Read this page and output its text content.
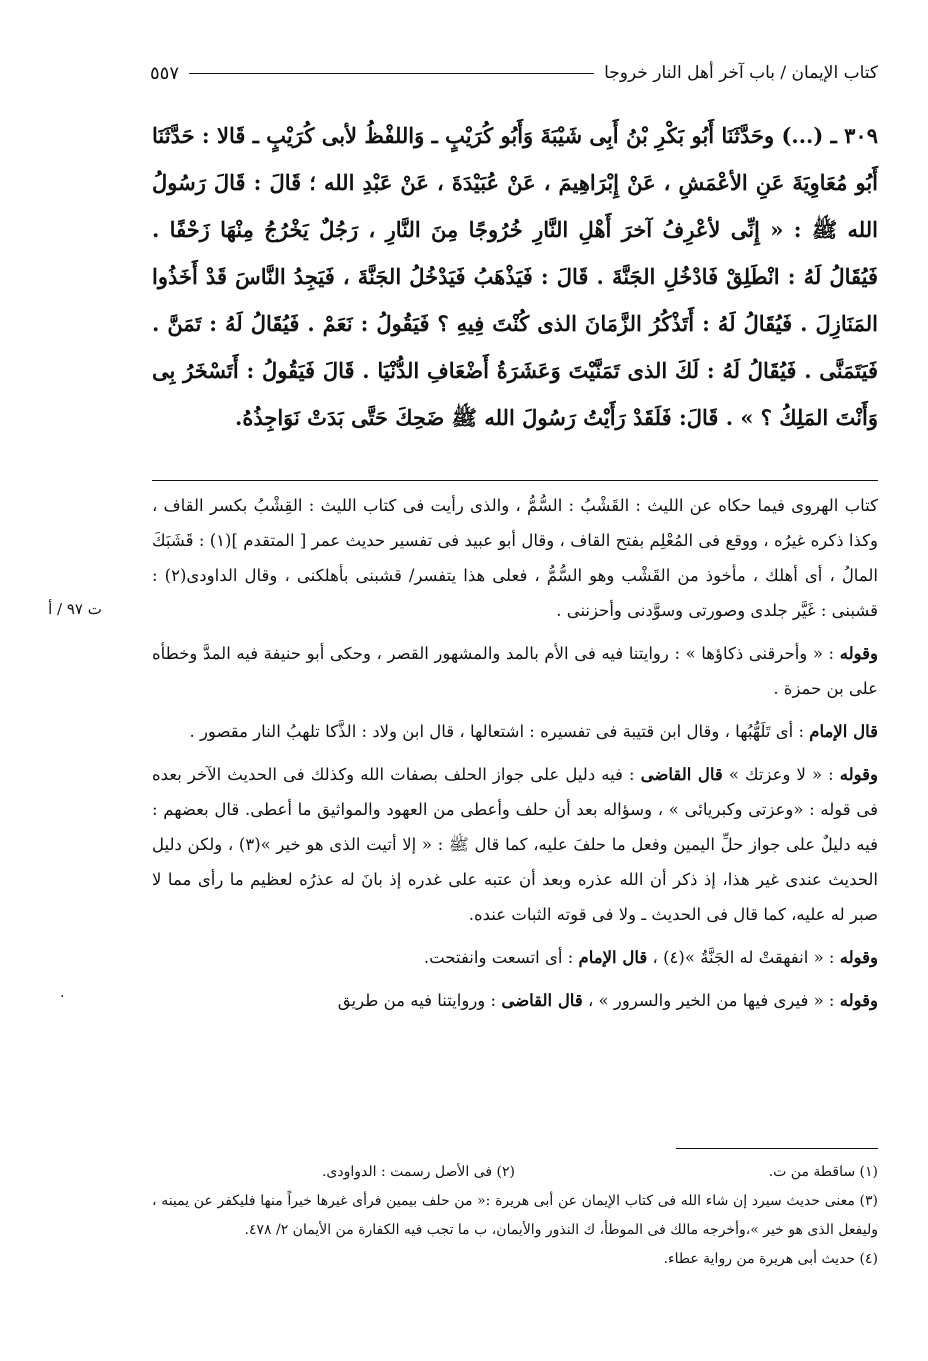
كتاب الإيمان / باب آخر أهل النار خروجا
٥٥٧

٣٠٩ ـ (...) وحَدَّثَنَا أَبُو بَكْرِ بْنُ أَبِى شَيْبَةَ وَأَبُو كُرَيْبٍ ـ وَاللفْظُ لأبى كُرَيْبٍ ـ قَالا : حَدَّثَنَا أَبُو مُعَاوِيَةَ عَنِ الأعْمَشِ ، عَنْ إِبْرَاهِيمَ ، عَنْ عُبَيْدَةَ ، عَنْ عَبْدِ الله ؛ قَالَ : قَالَ رَسُولُ الله ﷺ : « إِنِّى لأعْرِفُ آخرَ أَهْلِ النَّارِ خُرُوجًا مِنَ النَّارِ ، رَجُلٌ يَخْرُجُ مِنْهَا زَحْفًا . فَيُقَالُ لَهُ : انْطَلِقْ فَادْخُلِ الجَنَّةَ . قَالَ : فَيَذْهَبُ فَيَدْخُلُ الجَنَّةَ ، فَيَجِدُ النَّاسَ قَدْ أَخَذُوا المَنَازِلَ . فَيُقَالُ لَهُ : أَتَذْكُرُ الزَّمَانَ الذى كُنْتَ فِيهِ ؟ فَيَقُولُ : نَعَمْ . فَيُقَالُ لَهُ : تَمَنَّ . فَيَتَمَنَّى . فَيُقَالُ لَهُ : لَكَ الذى تَمَنَّيْتَ وَعَشَرَةُ أَضْعَافِ الدُّنْيَا . قَالَ فَيَقُولُ : أَتَسْخَرُ بِى وَأَنْتَ المَلِكُ ؟ » . قَالَ: فَلَقَدْ رَأَيْتُ رَسُولَ الله ﷺ ضَحِكَ حَتَّى بَدَتْ نَوَاجِذُهُ.

كتاب الهروى فيما حكاه عن الليث : القَشْبُ : السُّمُّ ، والذى رأيت فى كتاب الليث : القِشْبُ بكسر القاف ، وكذا ذكره غيرُه ، ووقع فى المُعْلِم بفتح القاف ، وقال أبو عبيد فى تفسير حديث عمر [ المتقدم ](١) : قَشَبَكَ المالُ ، أى أهلك ، مأخوذ من القَشْب وهو السُّمُّ ، فعلى هذا يتفسر/ قشبنى بأهلكنى ، وقال الداودى(٢) : قشبنى : غَيَّر جلدى وصورتى وسوَّدنى وأحزننى .

وقوله : « وأحرقنى ذكاؤها » : روايتنا فيه فى الأم بالمد والمشهور القصر ، وحكى أبو حنيفة فيه المدَّ وخطأه على بن حمزة .

قال الإمام : أى تَلَهُّبُها ، وقال ابن قتيبة فى تفسيره : اشتعالها ، قال ابن ولاد : الذَّكا تلهبُ النار مقصور .

وقوله : « لا وعزتك » قال القاضى : فيه دليل على جواز الحلف بصفات الله وكذلك فى الحديث الآخر بعده فى قوله : «وعزتى وكبريائى » ، وسؤاله بعد أن حلف وأعطى من العهود والمواثيق ما أعطى. قال بعضهم : فيه دليلٌ على جواز حلِّ اليمين وفعل ما حلفَ عليه، كما قال ﷺ : « إلا أتيت الذى هو خير »(٣) ، ولكن دليل الحديث عندى غير هذا، إذ ذكر أن الله عذره وبعد أن عتبه على غدره إذ بانَ له عذرُه لعظيم ما رأى مما لا صبر له عليه، كما قال فى الحديث ـ ولا فى قوته الثبات عنده.

وقوله : « انفهقتْ له الجَنَّةُ »(٤) ، قال الإمام : أى اتسعت وانفتحت.

وقوله : « فيرى فيها من الخير والسرور » ، قال القاضى : وروايتنا فيه من طريق

ت ٩٧ / أ
.
(١) ساقطة من ت.
(٢) فى الأصل رسمت : الدواودى.

(٣) معنى حديث سيرد إن شاء الله فى كتاب الإيمان عن أبى هريرة :« من حلف بيمين فرأى غيرها خيراً منها فليكفر عن يمينه ، وليفعل الذى هو خير »،وأخرجه مالك فى الموطأ، ك النذور والأيمان، ب ما تجب فيه الكفارة من الأيمان ٢/ ٤٧٨.

(٤) حديث أبى هريرة من رواية عطاء.
